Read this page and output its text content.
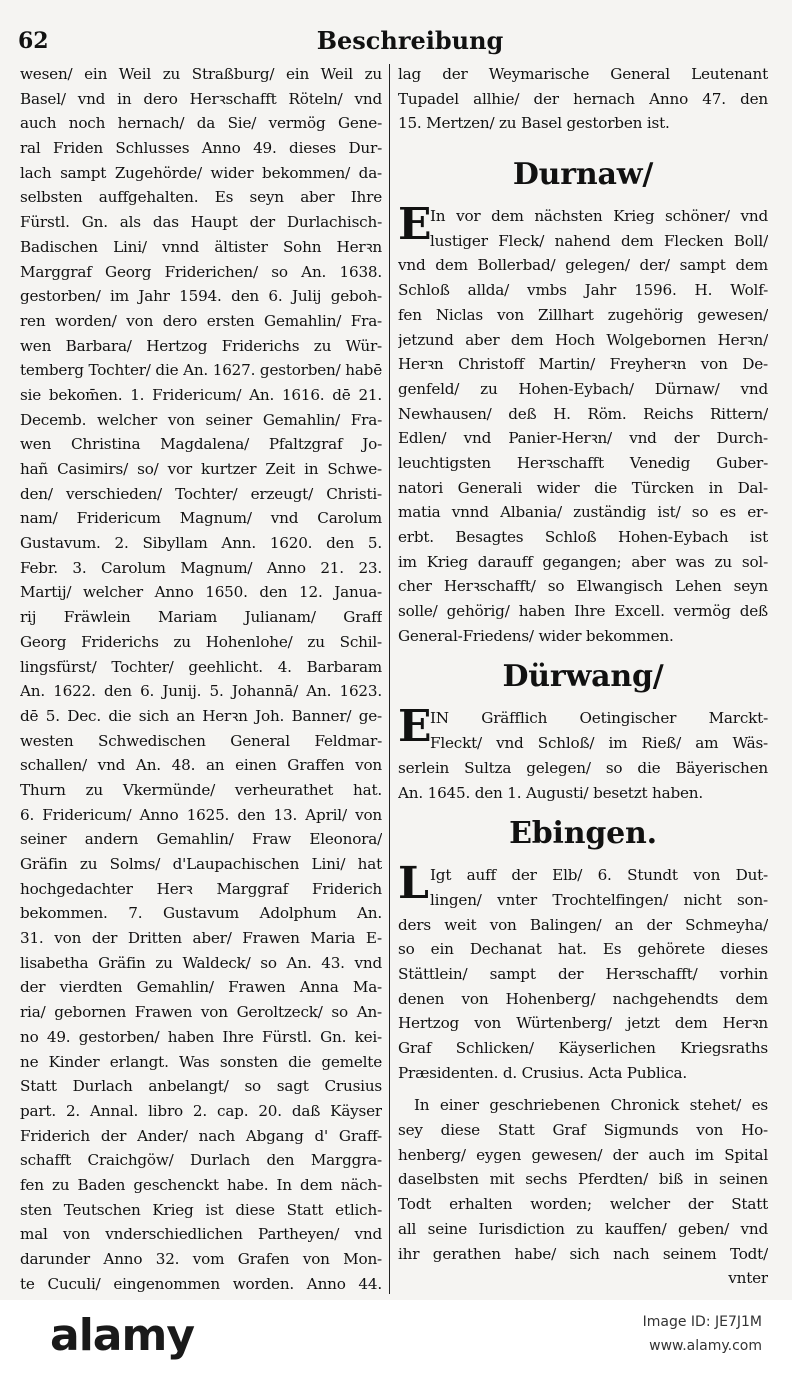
62	Beschreibung
wesen/ ein Weil zu Straßburg/ ein Weil zu
Basel/ vnd in dero Herꝛschafft Röteln/ vnd
auch noch hernach/ da Sie/ vermög Gene-
ral Friden Schlusses Anno 49. dieses Dur-
lach sampt Zugehörde/ wider bekommen/ da-
selbsten auffgehalten. Es seyn aber Ihre
Fürstl. Gn. als das Haupt der Durlachisch-
Badischen Lini/ vnnd ältister Sohn Herꝛn
Marggraf Georg Friderichen/ so An. 1638.
gestorben/ im Jahr 1594. den 6. Julij geboh-
ren worden/ von dero ersten Gemahlin/ Fra-
wen Barbara/ Hertzog Friderichs zu Wür-
temberg Tochter/ die An. 1627. gestorben/ habē
sie bekom̄en. 1. Fridericum/ An. 1616. dē 21.
Decemb. welcher von seiner Gemahlin/ Fra-
wen Christina Magdalena/ Pfaltzgraf Jo-
hañ Casimirs/ so/ vor kurtzer Zeit in Schwe-
den/ verschieden/ Tochter/ erzeugt/ Christi-
nam/ Fridericum Magnum/ vnd Carolum
Gustavum. 2. Sibyllam Ann. 1620. den 5.
Febr. 3. Carolum Magnum/ Anno 21. 23.
Martij/ welcher Anno 1650. den 12. Janua-
rij Fräwlein Mariam Julianam/ Graff
Georg Friderichs zu Hohenlohe/ zu Schil-
lingsfürst/ Tochter/ geehlicht. 4. Barbaram
An. 1622. den 6. Junij. 5. Johannā/ An. 1623.
dē 5. Dec. die sich an Herꝛn Joh. Banner/ ge-
westen Schwedischen General Feldmar-
schallen/ vnd An. 48. an einen Graffen von
Thurn zu Vkermünde/ verheurathet hat.
6. Fridericum/ Anno 1625. den 13. April/ von
seiner andern Gemahlin/ Fraw Eleonora/
Gräfin zu Solms/ d'Laupachischen Lini/ hat
hochgedachter Herꝛ Marggraf Friderich
bekommen. 7. Gustavum Adolphum An.
31. von der Dritten aber/ Frawen Maria E-
lisabetha Gräfin zu Waldeck/ so An. 43. vnd
der vierdten Gemahlin/ Frawen Anna Ma-
ria/ gebornen Frawen von Geroltzeck/ so An-
no 49. gestorben/ haben Ihre Fürstl. Gn. kei-
ne Kinder erlangt. Was sonsten die gemelte
Statt Durlach anbelangt/ so sagt Crusius
part. 2. Annal. libro 2. cap. 20. daß Käyser
Friderich der Ander/ nach Abgang d' Graff-
schafft Craichgöw/ Durlach den Marggra-
fen zu Baden geschenckt habe. In dem näch-
sten Teutschen Krieg ist diese Statt etlich-
mal von vnderschiedlichen Partheyen/ vnd
darunder Anno 32. vom Grafen von Mon-
te Cuculi/ eingenommen worden. Anno 44.
lag der Weymarische General Leutenant
Tupadel allhie/ der hernach Anno 47. den
15. Mertzen/ zu Basel gestorben ist.
Durnaw/
E
In vor dem nächsten Krieg schöner/ vnd
lustiger Fleck/ nahend dem Flecken Boll/
vnd dem Bollerbad/ gelegen/ der/ sampt dem
Schloß allda/ vmbs Jahr 1596. H. Wolf-
fen Niclas von Zillhart zugehörig gewesen/
jetzund aber dem Hoch Wolgebornen Herꝛn/
Herꝛn Christoff Martin/ Freyherꝛn von De-
genfeld/ zu Hohen-Eybach/ Dürnaw/ vnd
Newhausen/ deß H. Röm. Reichs Rittern/
Edlen/ vnd Panier-Herꝛn/ vnd der Durch-
leuchtigsten Herꝛschafft Venedig Guber-
natori Generali wider die Türcken in Dal-
matia vnnd Albania/ zuständig ist/ so es er-
erbt. Besagtes Schloß Hohen-Eybach ist
im Krieg darauff gegangen; aber was zu sol-
cher Herꝛschafft/ so Elwangisch Lehen seyn
solle/ gehörig/ haben Ihre Excell. vermög deß
General-Friedens/ wider bekommen.
Dürwang/
E
IN Gräfflich Oetingischer Marckt-
Fleckt/ vnd Schloß/ im Rieß/ am Wäs-
serlein Sultza gelegen/ so die Bäyerischen
An. 1645. den 1. Augusti/ besetzt haben.
Ebingen.
L Igt auff der Elb/ 6. Stundt von Dut-
lingen/ vnter Trochtelfingen/ nicht son-
ders weit von Balingen/ an der Schmeyha/
so ein Dechanat hat. Es gehörete dieses
Stättlein/ sampt der Herꝛschafft/ vorhin
denen von Hohenberg/ nachgehendts dem
Hertzog von Würtenberg/ jetzt dem Herꝛn
Graf Schlicken/ Käyserlichen Kriegsraths
Præsidenten. d. Crusius. Acta Publica.
In einer geschriebenen Chronick stehet/ es
sey diese Statt Graf Sigmunds von Ho-
henberg/ eygen gewesen/ der auch im Spital
daselbsten mit sechs Pferdten/ biß in seinen
Todt erhalten worden; welcher der Statt
all seine Iurisdiction zu kauffen/ geben/ vnd
ihr gerathen habe/ sich nach seinem Todt/
vnter
alamy	Image ID: JE7J1M
www.alamy.com
